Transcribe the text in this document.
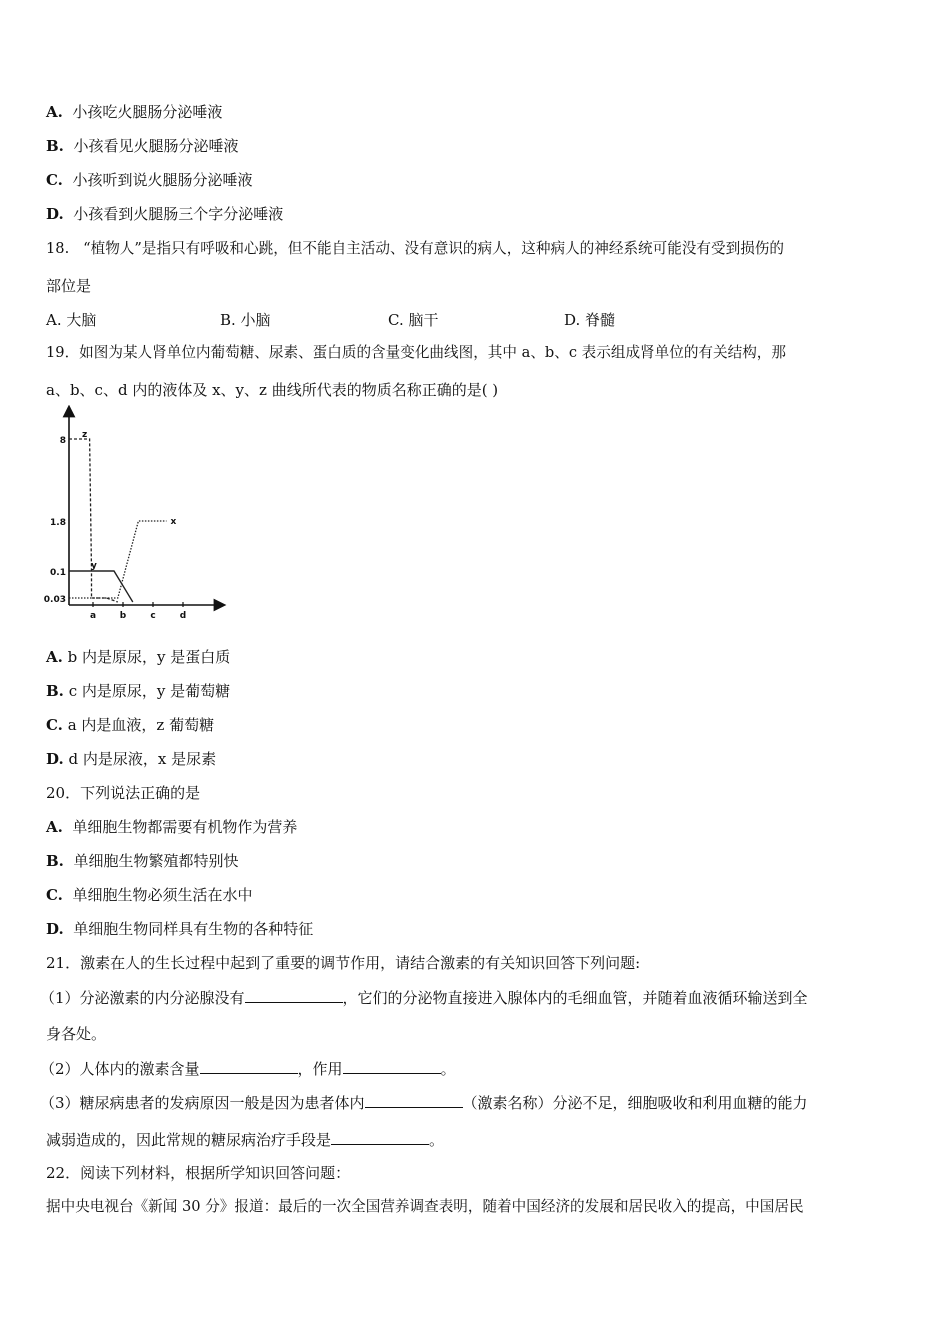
A. 小孩吃火腿肠分泌唾液
B. 小孩看见火腿肠分泌唾液
C. 小孩听到说火腿肠分泌唾液
D. 小孩看到火腿肠三个字分泌唾液
18. “植物人”是指只有呼吸和心跳，但不能自主活动、没有意识的病人，这种病人的神经系统可能没有受到损伤的
部位是
A. 大脑	B. 小脑	C. 脑干	D. 脊髓
19．如图为某人肾单位内葡萄糖、尿素、蛋白质的含量变化曲线图，其中 a、b、c 表示组成肾单位的有关结构，那
a、b、c、d 内的液体及 x、y、z 曲线所代表的物质名称正确的是( )
0.03
0.1
1.8
8
a	b	c	d
z
y
x
A. b 内是原尿，y 是蛋白质
B. c 内是原尿，y 是葡萄糖
C. a 内是血液，z 葡萄糖
D. d 内是尿液，x 是尿素
20．下列说法正确的是
A. 单细胞生物都需要有机物作为营养
B. 单细胞生物繁殖都特别快
C. 单细胞生物必须生活在水中
D. 单细胞生物同样具有生物的各种特征
21．激素在人的生长过程中起到了重要的调节作用，请结合激素的有关知识回答下列问题:
（1）分泌激素的内分泌腺没有	，它们的分泌物直接进入腺体内的毛细血管，并随着血液循环输送到全
身各处。
（2）人体内的激素含量	，作用	。
（3）糖尿病患者的发病原因一般是因为患者体内	（激素名称）分泌不足，细胞吸收和利用血糖的能力
减弱造成的，因此常规的糖尿病治疗手段是	。
22．阅读下列材料，根据所学知识回答问题：
据中央电视台《新闻 30 分》报道：最后的一次全国营养调查表明，随着中国经济的发展和居民收入的提高，中国居民
